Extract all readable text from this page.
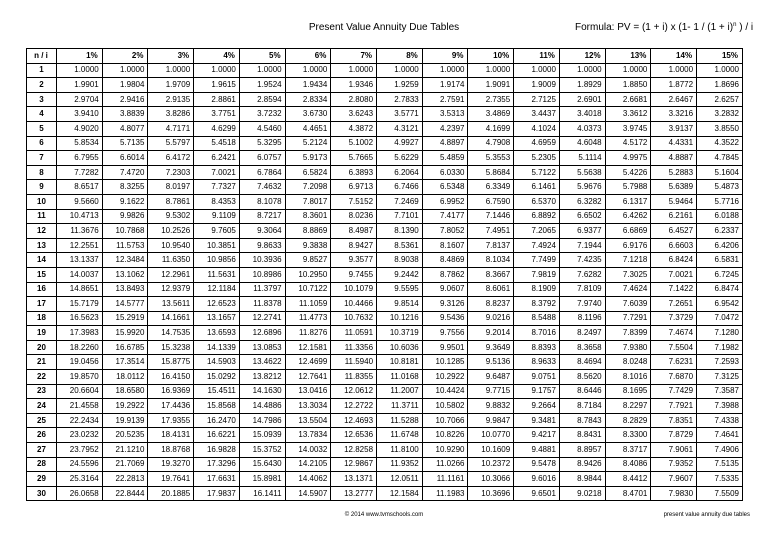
Present Value Annuity Due Tables	Formula: PV = (1 + i) x (1- $1 / (1 + i)^n$ ) / i
n / i	1%	2%	3%	4%	5%	6%	7%	8%	9%	10%	11%	12%	13%	14%	15%
1	1.0000	1.0000	1.0000	1.0000	1.0000	1.0000	1.0000	1.0000	1.0000	1.0000	1.0000	1.0000	1.0000	1.0000	1.0000
2	1.9901	1.9804	1.9709	1.9615	1.9524	1.9434	1.9346	1.9259	1.9174	1.9091	1.9009	1.8929	1.8850	1.8772	1.8696
3	2.9704	2.9416	2.9135	2.8861	2.8594	2.8334	2.8080	2.7833	2.7591	2.7355	2.7125	2.6901	2.6681	2.6467	2.6257
4	3.9410	3.8839	3.8286	3.7751	3.7232	3.6730	3.6243	3.5771	3.5313	3.4869	3.4437	3.4018	3.3612	3.3216	3.2832
5	4.9020	4.8077	4.7171	4.6299	4.5460	4.4651	4.3872	4.3121	4.2397	4.1699	4.1024	4.0373	3.9745	3.9137	3.8550
6	5.8534	5.7135	5.5797	5.4518	5.3295	5.2124	5.1002	4.9927	4.8897	4.7908	4.6959	4.6048	4.5172	4.4331	4.3522
7	6.7955	6.6014	6.4172	6.2421	6.0757	5.9173	5.7665	5.6229	5.4859	5.3553	5.2305	5.1114	4.9975	4.8887	4.7845
8	7.7282	7.4720	7.2303	7.0021	6.7864	6.5824	6.3893	6.2064	6.0330	5.8684	5.7122	5.5638	5.4226	5.2883	5.1604
9	8.6517	8.3255	8.0197	7.7327	7.4632	7.2098	6.9713	6.7466	6.5348	6.3349	6.1461	5.9676	5.7988	5.6389	5.4873
10	9.5660	9.1622	8.7861	8.4353	8.1078	7.8017	7.5152	7.2469	6.9952	6.7590	6.5370	6.3282	6.1317	5.9464	5.7716
11	10.4713	9.9826	9.5302	9.1109	8.7217	8.3601	8.0236	7.7101	7.4177	7.1446	6.8892	6.6502	6.4262	6.2161	6.0188
12	11.3676	10.7868	10.2526	9.7605	9.3064	8.8869	8.4987	8.1390	7.8052	7.4951	7.2065	6.9377	6.6869	6.4527	6.2337
13	12.2551	11.5753	10.9540	10.3851	9.8633	9.3838	8.9427	8.5361	8.1607	7.8137	7.4924	7.1944	6.9176	6.6603	6.4206
14	13.1337	12.3484	11.6350	10.9856	10.3936	9.8527	9.3577	8.9038	8.4869	8.1034	7.7499	7.4235	7.1218	6.8424	6.5831
15	14.0037	13.1062	12.2961	11.5631	10.8986	10.2950	9.7455	9.2442	8.7862	8.3667	7.9819	7.6282	7.3025	7.0021	6.7245
16	14.8651	13.8493	12.9379	12.1184	11.3797	10.7122	10.1079	9.5595	9.0607	8.6061	8.1909	7.8109	7.4624	7.1422	6.8474
17	15.7179	14.5777	13.5611	12.6523	11.8378	11.1059	10.4466	9.8514	9.3126	8.8237	8.3792	7.9740	7.6039	7.2651	6.9542
18	16.5623	15.2919	14.1661	13.1657	12.2741	11.4773	10.7632	10.1216	9.5436	9.0216	8.5488	8.1196	7.7291	7.3729	7.0472
19	17.3983	15.9920	14.7535	13.6593	12.6896	11.8276	11.0591	10.3719	9.7556	9.2014	8.7016	8.2497	7.8399	7.4674	7.1280
20	18.2260	16.6785	15.3238	14.1339	13.0853	12.1581	11.3356	10.6036	9.9501	9.3649	8.8393	8.3658	7.9380	7.5504	7.1982
21	19.0456	17.3514	15.8775	14.5903	13.4622	12.4699	11.5940	10.8181	10.1285	9.5136	8.9633	8.4694	8.0248	7.6231	7.2593
22	19.8570	18.0112	16.4150	15.0292	13.8212	12.7641	11.8355	11.0168	10.2922	9.6487	9.0751	8.5620	8.1016	7.6870	7.3125
23	20.6604	18.6580	16.9369	15.4511	14.1630	13.0416	12.0612	11.2007	10.4424	9.7715	9.1757	8.6446	8.1695	7.7429	7.3587
24	21.4558	19.2922	17.4436	15.8568	14.4886	13.3034	12.2722	11.3711	10.5802	9.8832	9.2664	8.7184	8.2297	7.7921	7.3988
25	22.2434	19.9139	17.9355	16.2470	14.7986	13.5504	12.4693	11.5288	10.7066	9.9847	9.3481	8.7843	8.2829	7.8351	7.4338
26	23.0232	20.5235	18.4131	16.6221	15.0939	13.7834	12.6536	11.6748	10.8226	10.0770	9.4217	8.8431	8.3300	7.8729	7.4641
27	23.7952	21.1210	18.8768	16.9828	15.3752	14.0032	12.8258	11.8100	10.9290	10.1609	9.4881	8.8957	8.3717	7.9061	7.4906
28	24.5596	21.7069	19.3270	17.3296	15.6430	14.2105	12.9867	11.9352	11.0266	10.2372	9.5478	8.9426	8.4086	7.9352	7.5135
29	25.3164	22.2813	19.7641	17.6631	15.8981	14.4062	13.1371	12.0511	11.1161	10.3066	9.6016	8.9844	8.4412	7.9607	7.5335
30	26.0658	22.8444	20.1885	17.9837	16.1411	14.5907	13.2777	12.1584	11.1983	10.3696	9.6501	9.0218	8.4701	7.9830	7.5509
© 2014 www.tvmschools.com	present value annuity due tables
